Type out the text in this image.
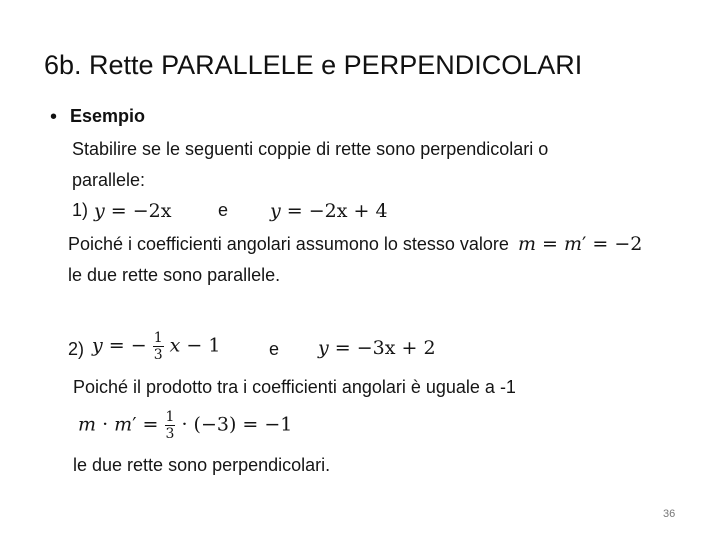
6b. Rette PARALLELE e PERPENDICOLARI
• Esempio
Stabilire se le seguenti coppie di rette sono perpendicolari o
parallele:
1) y = −2x	e y = −2x + 4
Poiché i coefficienti angolari assumono lo stesso valore m = m′ = −2
le due rette sono parallele.
2) y = − $\frac{1}{3}$ x − 1	e y = −3x + 2
Poiché il prodotto tra i coefficienti angolari è uguale a -1
$m \cdot m' = \frac{1}{3} \cdot (-3) = -1$
le due rette sono perpendicolari.
36
